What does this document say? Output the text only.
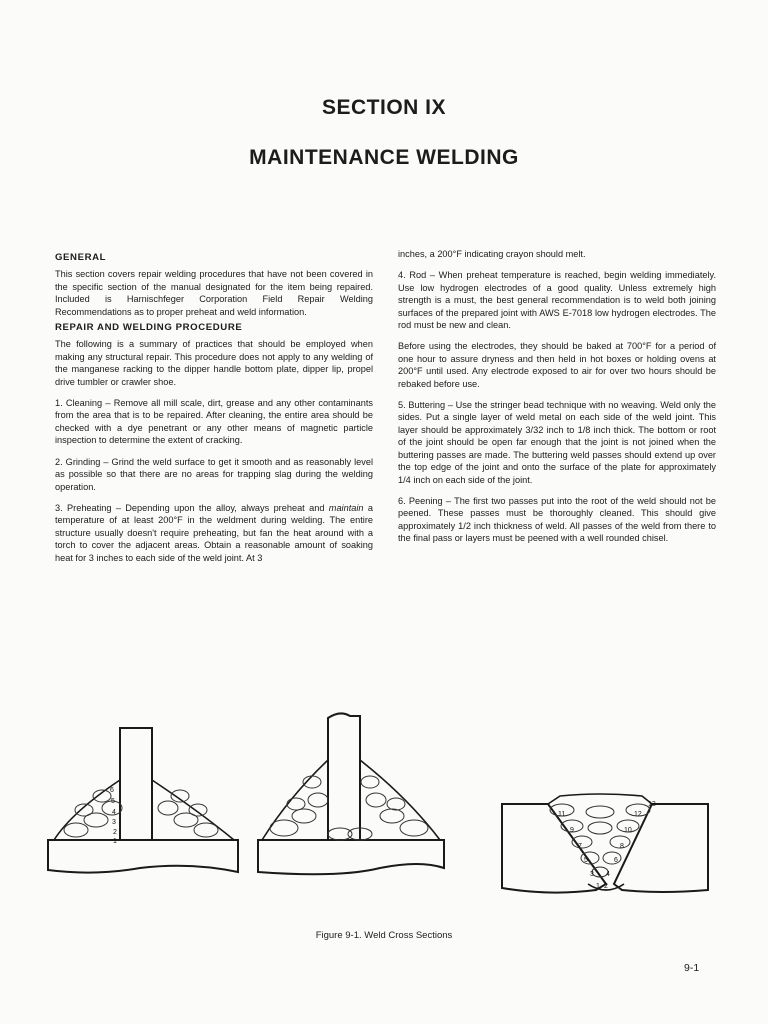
SECTION IX
MAINTENANCE WELDING
GENERAL

This section covers repair welding procedures that have not been covered in the specific section of the manual designated for the item being repaired. Included is Harnischfeger Corporation Field Repair Welding Recommendations as to proper preheat and weld information.

REPAIR AND WELDING PROCEDURE

The following is a summary of practices that should be employed when making any structural repair. This procedure does not apply to any welding of the manganese racking to the dipper handle bottom plate, dipper lip, propel drive tumbler or crawler shoe.

1. Cleaning – Remove all mill scale, dirt, grease and any other contaminants from the area that is to be repaired. After cleaning, the entire area should be checked with a dye penetrant or any other means of magnetic particle inspection to determine the extent of cracking.

2. Grinding – Grind the weld surface to get it smooth and as reasonably level as possible so that there are no areas for trapping slag during the welding operation.

3. Preheating – Depending upon the alloy, always preheat and maintain a temperature of at least 200°F in the weldment during welding. The entire structure usually doesn't require preheating, but fan the heat around with a torch to cover the adjacent areas. Obtain a reasonable amount of soaking heat for 3 inches to each side of the weld joint. At 3

inches, a 200°F indicating crayon should melt.

4. Rod – When preheat temperature is reached, begin welding immediately. Use low hydrogen electrodes of a good quality. Unless extremely high strength is a must, the best general recommendation is to weld both joining surfaces of the prepared joint with AWS E-7018 low hydrogen electrodes. The rod must be new and clean.

Before using the electrodes, they should be baked at 700°F for a period of one hour to assure dryness and then held in hot boxes or holding ovens at 200°F until used. Any electrode exposed to air for over two hours should be rebaked before use.

5. Buttering – Use the stringer bead technique with no weaving. Weld only the sides. Put a single layer of weld metal on each side of the weld joint. This layer should be approximately 3/32 inch to 1/8 inch thick. The bottom or root of the joint should be open far enough that the joint is not joined when the buttering passes are made. The buttering weld passes should extend up over the top edge of the joint and onto the surface of the plate for approximately 1/4 inch on each side of the joint.

6. Peening – The first two passes put into the root of the weld should not be peened. These passes must be thoroughly cleaned. This should give approximately 1/2 inch thickness of weld. All passes of the weld from there to the final pass or layers must be peened with a well rounded chisel.

6
5
4
3
2
1
1 2
3 4
5	6
7	8
9	10
11	12
13
Figure 9-1. Weld Cross Sections
9-1
